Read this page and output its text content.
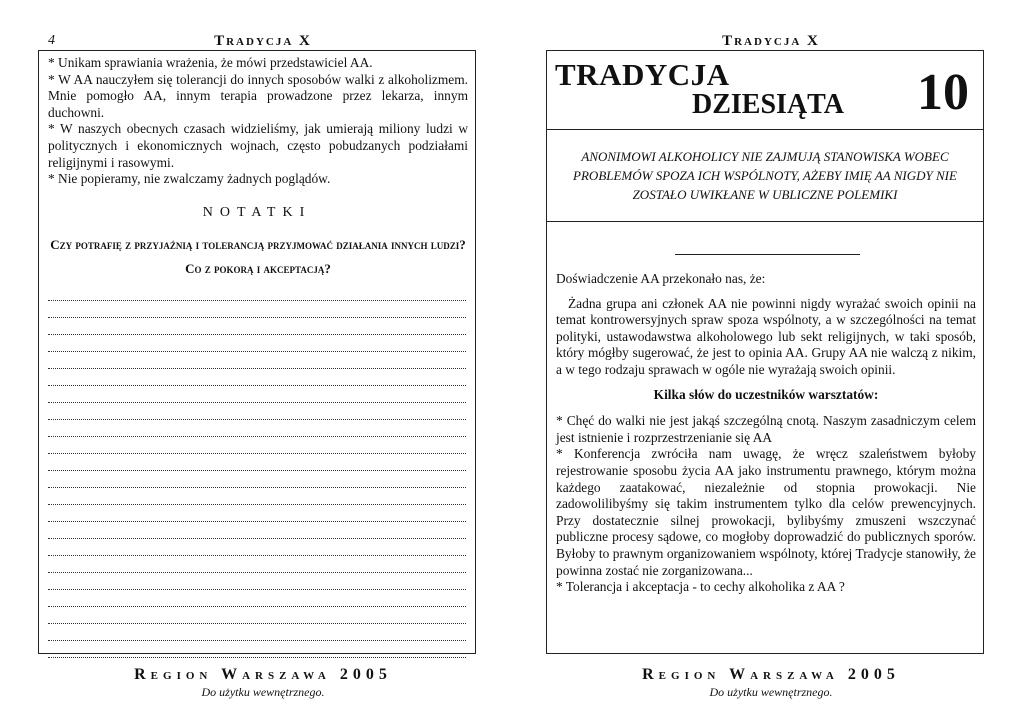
4	Tradycja X

* Unikam sprawiania wrażenia, że mówi przedstawiciel AA.

* W AA nauczyłem się tolerancji do innych sposobów walki z alkoholizmem. Mnie pomogło AA, innym terapia prowadzone przez lekarza, innym duchowni.

* W naszych obecnych czasach widzieliśmy, jak umierają miliony ludzi w politycznych i ekonomicznych wojnach, często pobudzanych podziałami religijnymi i rasowymi.

* Nie popieramy, nie zwalczamy żadnych poglądów.

NOTATKI
Czy potrafię z przyjaźnią i tolerancją przyjmować działania innych ludzi? Co z pokorą i akceptacją?
Region Warszawa 2005
Do użytku wewnętrznego.
Tradycja X
TRADYCJA
DZIESIĄTA 10
ANONIMOWI ALKOHOLICY NIE ZAJMUJĄ STANOWISKA WOBEC PROBLEMÓW SPOZA ICH WSPÓLNOTY, AŻEBY IMIĘ AA NIGDY NIE ZOSTAŁO UWIKŁANE W UBLICZNE POLEMIKI

Doświadczenie AA przekonało nas, że:

Żadna grupa ani członek AA nie powinni nigdy wyrażać swoich opinii na temat kontrowersyjnych spraw spoza wspólnoty, a w szczególności na temat polityki, ustawodawstwa alkoholowego lub sekt religijnych, w taki sposób, który mógłby sugerować, że jest to opinia AA. Grupy AA nie walczą z nikim, a w tego rodzaju sprawach w ogóle nie wyrażają swoich opinii.

Kilka słów do uczestników warsztatów:

* Chęć do walki nie jest jakąś szczególną cnotą. Naszym zasadniczym celem jest istnienie i rozprzestrzenianie się AA

* Konferencja zwróciła nam uwagę, że wręcz szaleństwem byłoby rejestrowanie sposobu życia AA jako instrumentu prawnego, którym można każdego zaatakować, niezależnie od stopnia prowokacji. Nie zadowolilibyśmy się takim instrumentem tylko dla celów prewencyjnych. Przy dostatecznie silnej prowokacji, bylibyśmy zmuszeni wszczynać publiczne procesy sądowe, co mogłoby doprowadzić do publicznych sporów. Byłoby to prawnym organizowaniem wspólnoty, której Tradycje stanowiły, że powinna zostać nie zorganizowana...

* Tolerancja i akceptacja - to cechy alkoholika z AA ?

Region Warszawa 2005
Do użytku wewnętrznego.
